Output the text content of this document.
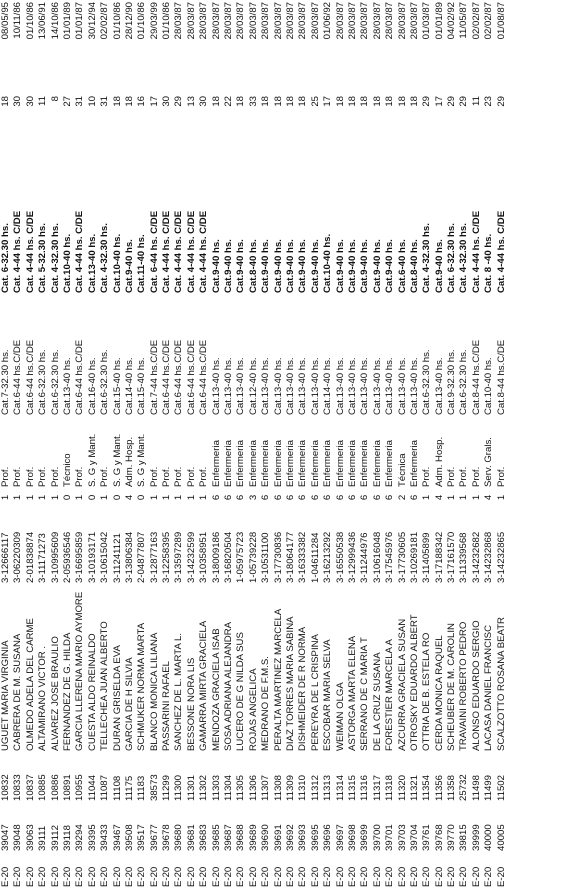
E-20	39047	10832	UGUET MARIA VIRGINIA	3-12666117	1	Prof.	Cat.7-32.30 hs.	Cat. 6-32.30 hs.	18	08/05/95
E-20	39048	10833	CABRERA DE M. SUSANA	3-06220309	1	Prof.	Cat.6-44 hs.C/DE	Cat. 4-44 hs. C/DE	30	10/11/86
E-20	39063	10837	OLMEDO ADELA DEL CARME	2-01838874	1	Prof.	Cat.6-44 hs.C/DE	Cat. 4-44 hs. C/DE	30	01/10/86
E-20	39111	10885	ALTAMIRANO VICTOR .	3-11171273	1	Prof.	Cat.6-32.30 hs.	Cat. 5-32.30 hs.	11	13/06/91
E-20	39112	10886	ALVAREZ JOSE BRAULIO	3-10995609	1	Prof.	Cat.6-32.30 hs.	Cat. 4-32.30 hs.	8	14/10/86
E-20	39118	10891	FERNANDEZ DE G. HILDA	2-05936546	0	Técnico	Cat.13-40 hs.	Cat.10-40 hs.	27	01/01/89
E-20	39294	10955	GARCIA LLERENA MARIO AYMORE	3-16695859	1	Prof.	Cat.6-44 hs.C/DE	Cat. 4-44 hs. C/DE	31	01/01/87
E-20	39395	11044	CUESTA ALDO REINALDO	3-10193171	0	S. G y Mant.	Cat.16-40 hs.	Cat.13-40 hs.	10	30/12/94
E-20	39433	11087	TELLECHEA JUAN ALBERTO	3-10615042	1	Prof.	Cat.6-32.30 hs.	Cat. 4-32.30 hs.	31	02/02/87
E-20	39467	11108	DURAN GRISELDA EVA	3-11241121	0	S. G y Mant.	Cat.15-40 hs.	Cat.10-40 hs.	18	01/10/86
E-20	39508	11175	GARCIA DE H SILVIA	3-13806384	4	Adm. Hosp.	Cat.14-40 hs.	Cat.9-40 hs.	18	28/12/90
E-20	39517	11183	SCHMUKER NORMA MARTA	2-04877807	0	S. G y Mant.	Cat.15-40 hs.	Cat.11-40 hs.	16	01/10/86
E-20	39677	38573	BLANCO MONICA LILIANA	3-12877163	1	Prof.	Cat.7-44 hs.C/DE	Cat. 6-44 hs. C/DE	17	29/03/99
E-20	39678	11299	PASSARINI RAFAEL	3-12258395	1	Prof.	Cat.6-44 hs.C/DE	Cat. 4-44 hs. C/DE	30	01/10/86
E-20	39680	11300	SANCHEZ DE L. MARTA L.	3-13597289	1	Prof.	Cat.6-44 hs.C/DE	Cat. 4-44 hs. C/DE	29	28/03/87
E-20	39681	11301	BESSONE NORA LIS	3-14232599	1	Prof.	Cat.6-44 hs.C/DE	Cat. 4-44 hs. C/DE	13	28/03/87
E-20	39683	11302	GAMARRA MIRTA GRACIELA	3-10358951	1	Prof.	Cat.6-44 hs.C/DE	Cat. 4-44 hs. C/DE	30	28/03/87
E-20	39685	11303	MENDOZA GRACIELA ISAB	3-18009186	6	Enfermeria	Cat.13-40 hs.	Cat.9-40 hs.	18	28/03/87
E-20	39687	11304	SOSA ADRIANA ALEJANDRA	3-16820504	6	Enfermeria	Cat.13-40 hs.	Cat.9-40 hs.	22	28/03/87
E-20	39688	11305	LUCERO DE G NILDA SUS	1-05975723	6	Enfermeria	Cat.13-40 hs.	Cat.9-40 hs.	18	28/03/87
E-20	39689	11306	ROJAS ANGELICA	1-05739228	3	Enfermeria	Cat.12-40 hs.	Cat.8-40 hs.	33	28/03/87
E-20	39690	11307	MEDRANO DE F.M.S.	3-10531100	6	Enfermeria	Cat.13-40 hs.	Cat.9-40 hs.	18	28/03/87
E-20	39691	11308	PERALTA MARTINEZ MARCELA	3-17730836	6	Enfermeria	Cat.13-40 hs.	Cat.9-40 hs.	18	28/03/87
E-20	39692	11309	DIAZ TORRES MARIA SABINA	3-18064177	6	Enfermeria	Cat.13-40 hs.	Cat.9-40 hs.	18	28/03/87
E-20	39693	11310	DISHMEIDER DE R NORMA	3-16333382	6	Enfermeria	Cat.13-40 hs.	Cat.9-40 hs.	18	28/03/87
E-20	39695	11312	PEREYRA DE L CRISPINA	1-04611284	6	Enfermeria	Cat.13-40 hs.	Cat.9-40 hs.	25	28/03/87
E-20	39696	11313	ESCOBAR MARIA SELVA	3-16213292	6	Enfermeria	Cat.14-40 hs.	Cat.10-40 hs.	17	01/06/92
E-20	39697	11314	WEIMAN OLGA	3-16550538	6	Enfermeria	Cat.13-40 hs.	Cat.9-40 hs.	18	28/03/87
E-20	39698	11315	ASTORGA MARTA ELENA	3-12999436	6	Enfermeria	Cat.13-40 hs.	Cat.9-40 hs.	18	28/03/87
E-20	39699	11316	SERRANO DE C MARIA T	3-11244976	6	Enfermeria	Cat.13-40 hs.	Cat.9-40 hs.	18	28/03/87
E-20	39700	11317	DE LA CRUZ SUSANA	3-10616048	6	Enfermeria	Cat.13-40 hs.	Cat.9-40 hs.	18	28/03/87
E-20	39701	11318	FORESTIER MARCELA A	3-17545976	6	Enfermeria	Cat.13-40 hs.	Cat.9-40 hs.	18	28/03/87
E-20	39703	11320	AZCURRA GRACIELA SUSAN	3-17730605	2	Técnica	Cat.13-40 hs.	Cat.6-40 hs.	18	28/03/87
E-20	39704	11321	OTROSKY EDUARDO ALBERT	3-10269181	6	Enfermeria	Cat.13-40 hs.	Cat.8-40 hs.	18	28/03/87
E-20	39761	11354	OTTRIA DE B. ESTELA RO	3-11405899	1	Prof.	Cat.6-32.30 hs.	Cat. 4-32.30 hs.	29	01/03/87
E-20	39768	11356	CERDA MONICA RAQUEL	3-17188342	4	Adm. Hosp.	Cat.13-40 hs.	Cat.9-40 hs.	17	01/01/89
E-20	39770	11358	SCHEUBER DE M. CAROLIN	3-17161570	1	Prof.	Cat.9-32.30 hs.	Cat. 6-32.30 hs.	29	04/02/92
E-20	39815	25732	TRAVAINI ROBERTO PEDRO	3-11339568	1	Prof.	Cat.6-32.30 hs.	Cat. 4-32.30 hs.	29	11/05/87
E-20	39999	11498	ALONSO EDUARDO SERGIO	3-14232682	1	Prof.	Cat.8-44 hs.C/DE	Cat. 4-44 hs. C/DE	11	02/02/87
E-20	40000	11499	LACASA DANIEL FRANCISC	3-14232868	4	Serv. Grals.	Cat.10-40 hs.	Cat. 8 -40 hs.	23	02/02/87
E-20	40005	11502	SCALZOTTO ROSANA BEATR	3-14232865	1	Prof.	Cat.8-44 hs.C/DE	Cat. 4-44 hs. C/DE	29	01/08/87
